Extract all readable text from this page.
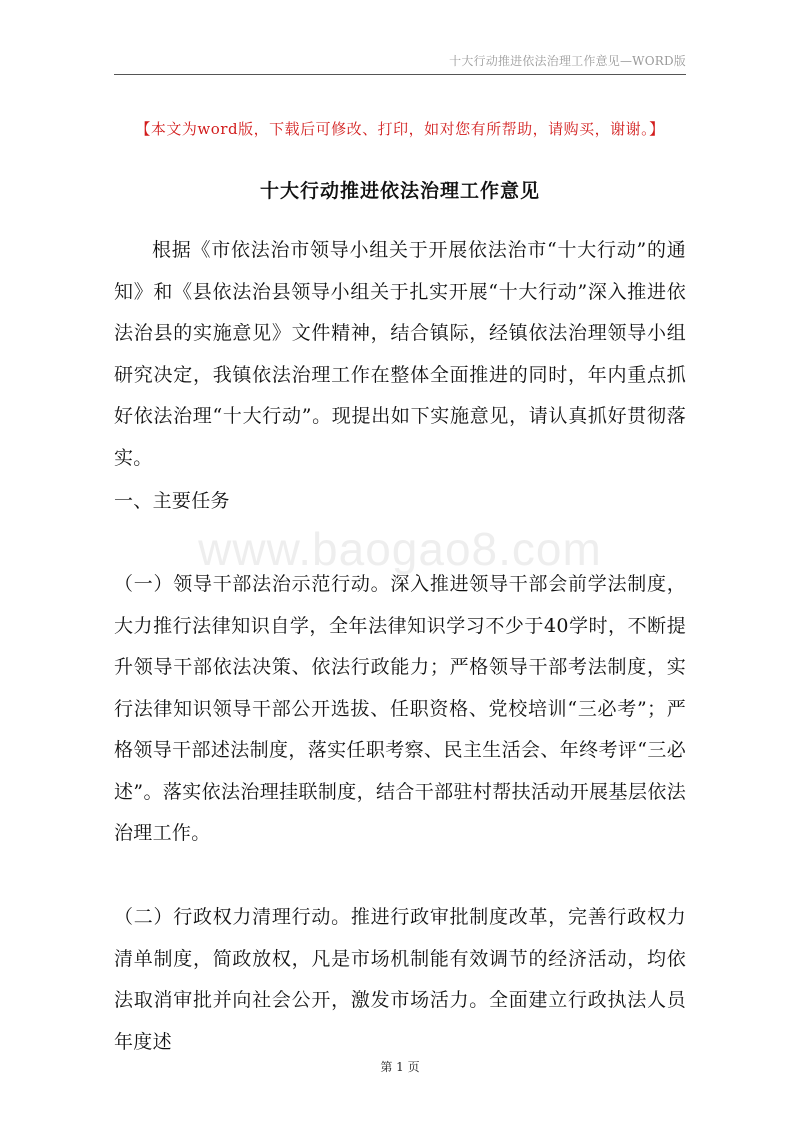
十大行动推进依法治理工作意见—WORD版
【本文为word版，下载后可修改、打印，如对您有所帮助，请购买，谢谢。】
十大行动推进依法治理工作意见

根据《市依法治市领导小组关于开展依法治市“十大行动”的通知》和《县依法治县领导小组关于扎实开展“十大行动”深入推进依法治县的实施意见》文件精神，结合镇际，经镇依法治理领导小组研究决定，我镇依法治理工作在整体全面推进的同时，年内重点抓好依法治理“十大行动”。现提出如下实施意见，请认真抓好贯彻落实。

一、主要任务
www.baogao8.com

（一）领导干部法治示范行动。深入推进领导干部会前学法制度，大力推行法律知识自学，全年法律知识学习不少于40学时，不断提升领导干部依法决策、依法行政能力；严格领导干部考法制度，实行法律知识领导干部公开选拔、任职资格、党校培训“三必考”；严格领导干部述法制度，落实任职考察、民主生活会、年终考评“三必述”。落实依法治理挂联制度，结合干部驻村帮扶活动开展基层依法治理工作。

（二）行政权力清理行动。推进行政审批制度改革，完善行政权力清单制度，简政放权，凡是市场机制能有效调节的经济活动，均依法取消审批并向社会公开，激发市场活力。全面建立行政执法人员年度述

第 1 页
